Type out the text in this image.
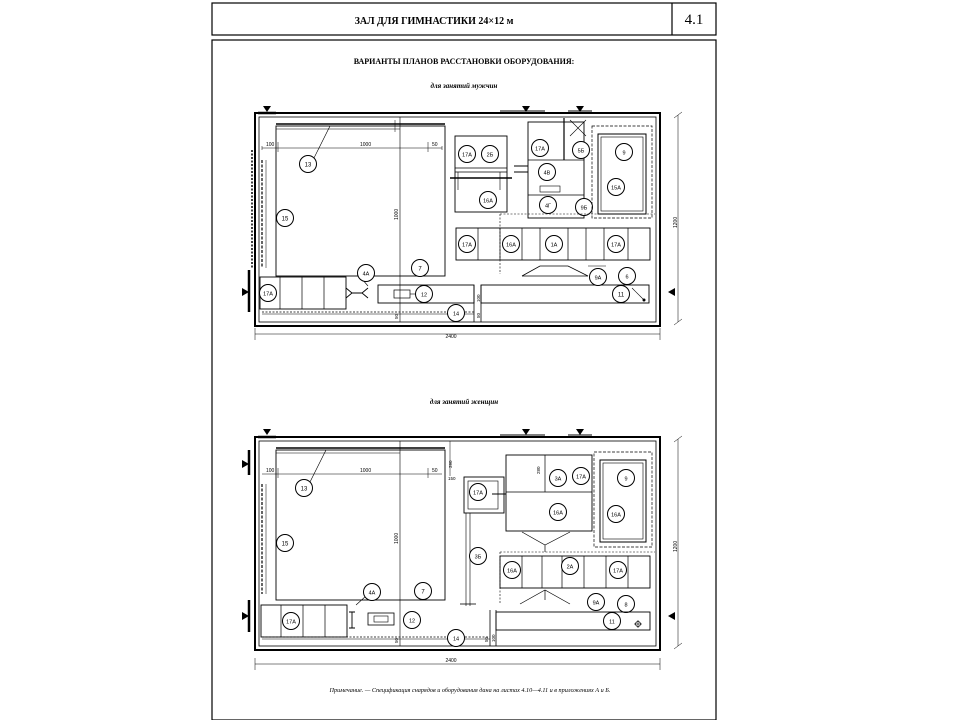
ЗАЛ ДЛЯ ГИМНАСТИКИ 24×12 м	4.1
ВАРИАНТЫ ПЛАНОВ РАССТАНОВКИ ОБОРУДОВАНИЯ:
для занятий мужчин
100	1000	50
1000
13
15
7
17А
4А
12	100
50
50	14
11
17А	2Б
16А
17А	5Б
4В
4Г	9Б
9
15А
17А	16А	1А	17А
9А	6
1200
2400
для занятий женщин
100	1000	50
1000
390
280
150
13
15
7
17А
4А
12
50 100
50	14
17А
3Б
3А	17А
16А
9
16А
16А
2А
17А
9А	8
11
1200
2400
Примечание. — Спецификация снарядов и оборудования дана на листах 4.10—4.11 и в приложениях А и Б.
